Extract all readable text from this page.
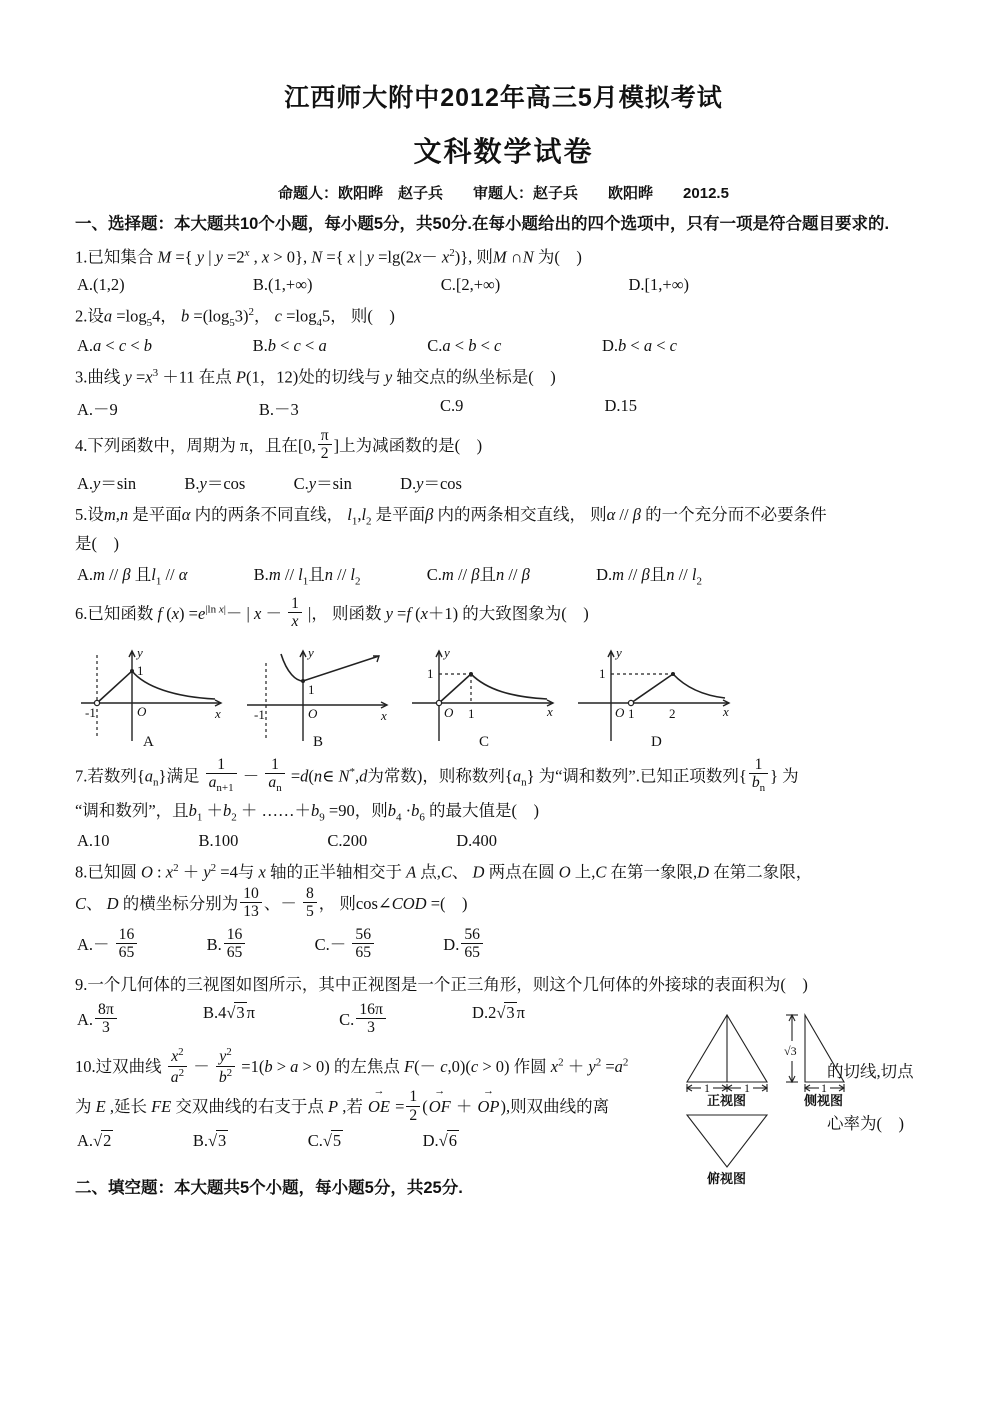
江西师大附中2012年高三5月模拟考试
文科数学试卷
命题人：欧阳晔　赵子兵　　审题人：赵子兵　　欧阳晔　　2012.5
一、选择题：本大题共10个小题，每小题5分，共50分.在每小题给出的四个选项中，只有一项是符合题目要求的.
1.已知集合 M ={ y | $y =2^x$ , x > 0}, N ={ x | $y =\lg(2x- x^2)$}, 则M ∩N 为(　)
A.(1,2)	B.(1,+∞)	C.[2,+∞)	D.[1,+∞)
2.设$a =\log_54$， $b =(\log_53)^2$， $c =\log_45$， 则(　)
A.a < c < b	B.b < c < a	C.a < b < c	D.b < a < c
3.曲线 $y =x^3 +11$ 在点 P(1，12)处的切线与 y 轴交点的纵坐标是(　)
A.－9	B.－3	C.9	D.15
4.下列函数中，周期为 π，且在[0, $\frac{\pi}{2}$ ]上为减函数的是(　)
A.y＝sin	B.y＝cos	C.y＝sin	D.y＝cos
5.设m,n 是平面α 内的两条不同直线， $l_1,l_2$ 是平面β 内的两条相交直线， 则α // β 的一个充分而不必要条件
是(　)
A.m // β 且$l_1$ // α	$B.m // l_1$且n // $l_2$	C.m // β且n // β	D.m // β且n // $l_2$
6.已知函数 f $(x) =e^{|ln x|}-$ | $x - \frac{1}{x}$ |， 则函数 y =f (x＋1) 的大致图象为(　)
1
-1	O	x
y
A
1
-1	O	x
y
B
1
O 1	x
y
C
1
O 1	2	x
y
D
7.若数列$\{a_n\}$满足 $\frac{1}{a_{n+1}} - \frac{1}{a_n}$ =d(n∈ N*,d为常数)，则称数列$\{a_n\}$ 为“调和数列”.已知正项数列{ $\frac{1}{b_n}$ } 为
“调和数列”，且$b_1 +b_2$ ＋ $\dots\dots+b_9 =90$，则$b_4 \cdot b_6$ 的最大值是(　)
A.10	B.100	C.200	D.400
8.已知圆 O : $x^2 + y^2 =4$与 x 轴的正半轴相交于 A 点,C、 D 两点在圆 O 上,C 在第一象限,D 在第二象限，
C、 D 的横坐标分别为 $\frac{10}{13}$ 、－ $\frac{8}{5}$ ， 则cos∠COD =(　)
$A.- \frac{16}{65}$	B. $\frac{16}{65}$	$C.- \frac{56}{65}$	D. $\frac{56}{65}$
9.一个几何体的三视图如图所示，其中正视图是一个正三角形，则这个几何体的外接球的表面积为(　)
A. $\frac{8\pi}{3}$	B.4√3 π	C. $\frac{16\pi}{3}$	D.2√3 π
1	1
正视图
√3
1
侧视图
俯视图
10.过双曲线 $\frac{x^2}{a^2} - \frac{y^2}{b^2} =1(b > a > 0)$ 的左焦点 F(－ c,0)(c > 0) 作圆 $x^2 + y^2 =a^2$
为 E ,延长 FE 交双曲线的右支于点 P ,若 → OE = $\frac{1}{2}$ (→ OF ＋ → OP),则双曲线的离
A.√2	B.√3	C.√5	D.√6
的切线,切点
心率为(　)
二、填空题：本大题共5个小题，每小题5分，共25分.
